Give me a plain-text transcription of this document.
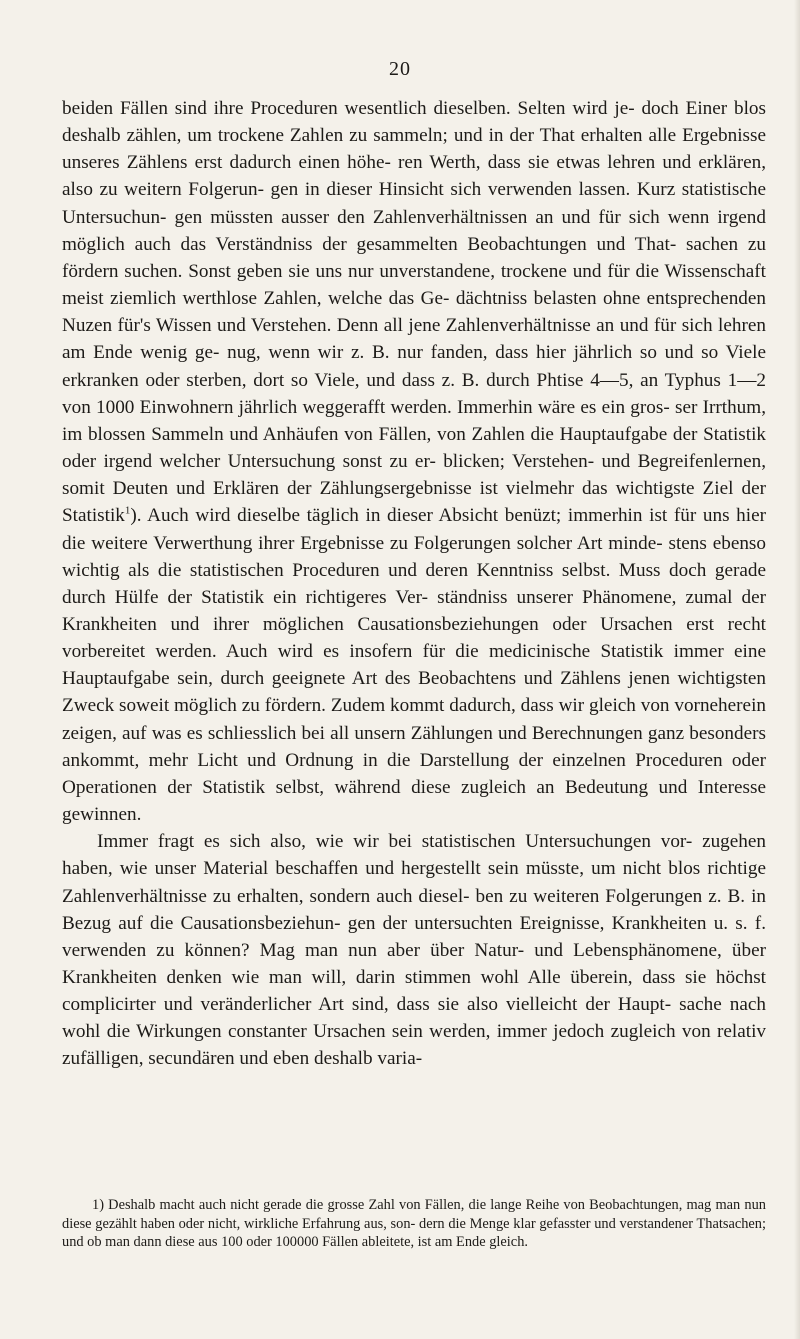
20

beiden Fällen sind ihre Proceduren wesentlich dieselben. Selten wird je- doch Einer blos deshalb zählen, um trockene Zahlen zu sammeln; und in der That erhalten alle Ergebnisse unseres Zählens erst dadurch einen höhe- ren Werth, dass sie etwas lehren und erklären, also zu weitern Folgerun- gen in dieser Hinsicht sich verwenden lassen. Kurz statistische Untersuchun- gen müssten ausser den Zahlenverhältnissen an und für sich wenn irgend möglich auch das Verständniss der gesammelten Beobachtungen und That- sachen zu fördern suchen. Sonst geben sie uns nur unverstandene, trockene und für die Wissenschaft meist ziemlich werthlose Zahlen, welche das Ge- dächtniss belasten ohne entsprechenden Nuzen für's Wissen und Verstehen. Denn all jene Zahlenverhältnisse an und für sich lehren am Ende wenig ge- nug, wenn wir z. B. nur fanden, dass hier jährlich so und so Viele erkranken oder sterben, dort so Viele, und dass z. B. durch Phtise 4—5, an Typhus 1—2 von 1000 Einwohnern jährlich weggerafft werden. Immerhin wäre es ein gros- ser Irrthum, im blossen Sammeln und Anhäufen von Fällen, von Zahlen die Hauptaufgabe der Statistik oder irgend welcher Untersuchung sonst zu er- blicken; Verstehen- und Begreifenlernen, somit Deuten und Erklären der Zählungsergebnisse ist vielmehr das wichtigste Ziel der Statistik$^1$). Auch wird dieselbe täglich in dieser Absicht benüzt; immerhin ist für uns hier die weitere Verwerthung ihrer Ergebnisse zu Folgerungen solcher Art minde- stens ebenso wichtig als die statistischen Proceduren und deren Kenntniss selbst. Muss doch gerade durch Hülfe der Statistik ein richtigeres Ver- ständniss unserer Phänomene, zumal der Krankheiten und ihrer möglichen Causationsbeziehungen oder Ursachen erst recht vorbereitet werden. Auch wird es insofern für die medicinische Statistik immer eine Hauptaufgabe sein, durch geeignete Art des Beobachtens und Zählens jenen wichtigsten Zweck soweit möglich zu fördern. Zudem kommt dadurch, dass wir gleich von vorneherein zeigen, auf was es schliesslich bei all unsern Zählungen und Berechnungen ganz besonders ankommt, mehr Licht und Ordnung in die Darstellung der einzelnen Proceduren oder Operationen der Statistik selbst, während diese zugleich an Bedeutung und Interesse gewinnen.

Immer fragt es sich also, wie wir bei statistischen Untersuchungen vor- zugehen haben, wie unser Material beschaffen und hergestellt sein müsste, um nicht blos richtige Zahlenverhältnisse zu erhalten, sondern auch diesel- ben zu weiteren Folgerungen z. B. in Bezug auf die Causationsbeziehun- gen der untersuchten Ereignisse, Krankheiten u. s. f. verwenden zu können? Mag man nun aber über Natur- und Lebensphänomene, über Krankheiten denken wie man will, darin stimmen wohl Alle überein, dass sie höchst complicirter und veränderlicher Art sind, dass sie also vielleicht der Haupt- sache nach wohl die Wirkungen constanter Ursachen sein werden, immer jedoch zugleich von relativ zufälligen, secundären und eben deshalb varia-

1) Deshalb macht auch nicht gerade die grosse Zahl von Fällen, die lange Reihe von Beobachtungen, mag man nun diese gezählt haben oder nicht, wirkliche Erfahrung aus, son- dern die Menge klar gefasster und verstandener Thatsachen; und ob man dann diese aus 100 oder 100000 Fällen ableitete, ist am Ende gleich.
